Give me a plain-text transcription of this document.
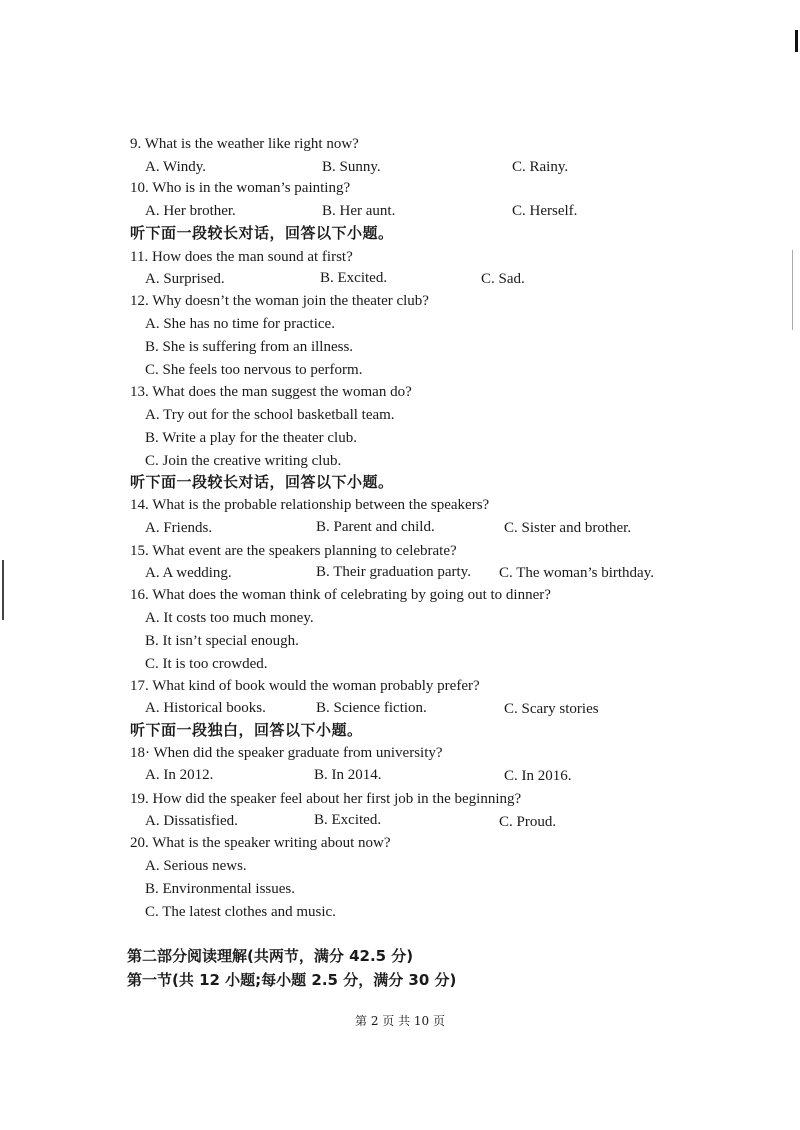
9. What is the weather like right now?
A. Windy.	B. Sunny.	C. Rainy.
10. Who is in the woman’s painting?
A. Her brother.	B. Her aunt.	C. Herself.
听下面一段较长对话，回答以下小题。
11. How does the man sound at first?
A. Surprised.	B. Excited.	C. Sad.
12. Why doesn’t the woman join the theater club?
A. She has no time for practice.
B. She is suffering from an illness.
C. She feels too nervous to perform.
13. What does the man suggest the woman do?
A. Try out for the school basketball team.
B. Write a play for the theater club.
C. Join the creative writing club.
听下面一段较长对话，回答以下小题。
14. What is the probable relationship between the speakers?
A. Friends.	B. Parent and child.	C. Sister and brother.
15. What event are the speakers planning to celebrate?
A. A wedding.	B. Their graduation party. C. The woman’s birthday.
16. What does the woman think of celebrating by going out to dinner?
A. It costs too much money.
B. It isn’t special enough.
C. It is too crowded.
17. What kind of book would the woman probably prefer?
A. Historical books.	B. Science fiction.	C. Scary stories
听下面一段独白，回答以下小题。
18· When did the speaker graduate from university?
A. In 2012.	B. In 2014.	C. In 2016.
19. How did the speaker feel about her first job in the beginning?
A. Dissatisfied.	B. Excited.	C. Proud.
20. What is the speaker writing about now?
A. Serious news.
B. Environmental issues.
C. The latest clothes and music.
第二部分阅读理解(共两节，满分 42.5 分)
第一节(共 12 小题;每小题 2.5 分，满分 30 分)
第 2 页 共 10 页
